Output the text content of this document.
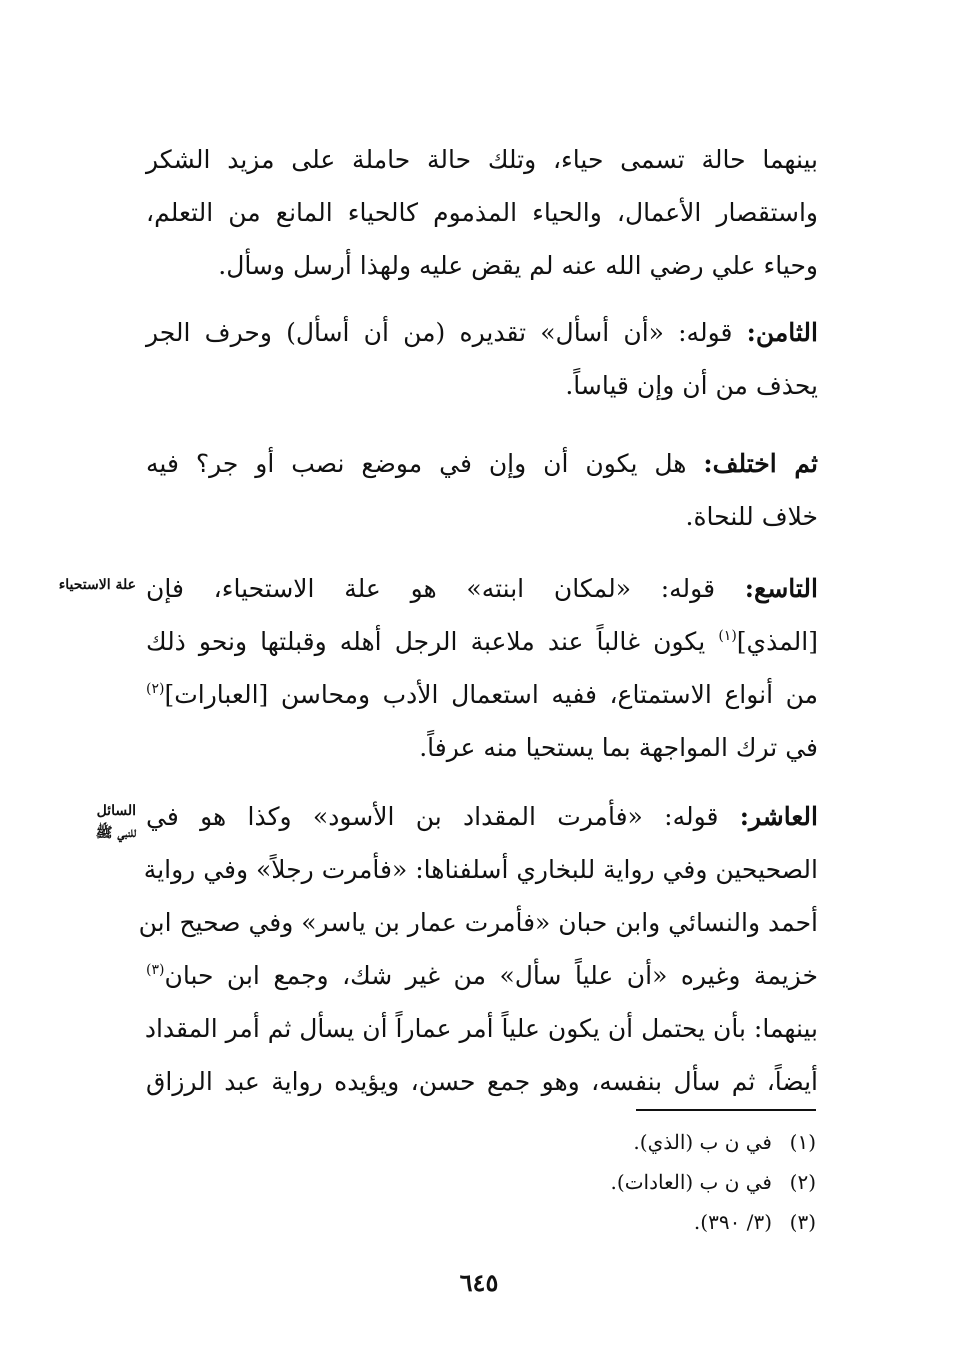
بينهما حالة تسمى حياء، وتلك حالة حاملة على مزيد الشكر
واستقصار الأعمال، والحياء المذموم كالحياء المانع من التعلم،
وحياء علي رضي الله عنه لم يقض عليه ولهذا أرسل وسأل.
الثامن: قوله: «أن أسأل» تقديره (من أن أسأل) وحرف الجر
يحذف من أن وإن قياساً.
ثم اختلف: هل يكون أن وإن في موضع نصب أو جر؟ فيه
خلاف للنحاة.
التاسع: قوله: «لمكان ابنته» هو علة الاستحياء، فإن
[المذي]$^{(١)}$ يكون غالباً عند ملاعبة الرجل أهله وقبلتها ونحو ذلك
من أنواع الاستمتاع، ففيه استعمال الأدب ومحاسن [العبارات]$^{(٢)}$
في ترك المواجهة بما يستحيا منه عرفاً.
العاشر: قوله: «فأمرت المقداد بن الأسود» وكذا هو في
الصحيحين وفي رواية للبخاري أسلفناها: «فأمرت رجلاً» وفي رواية
أحمد والنسائي وابن حبان «فأمرت عمار بن ياسر» وفي صحيح ابن
خزيمة وغيره «أن علياً سأل» من غير شك، وجمع ابن حبان$^{(٣)}$
بينهما: بأن يحتمل أن يكون علياً أمر عماراً أن يسأل ثم أمر المقداد
أيضاً، ثم سأل بنفسه، وهو جمع حسن، ويؤيده رواية عبد الرزاق
علة الاستحياء
السائل
للنبي ﷺ
(١)في ن ب (الذي).
(٢)في ن ب (العادات).
(٣)(٣/ ٣٩٠).
٦٤٥
